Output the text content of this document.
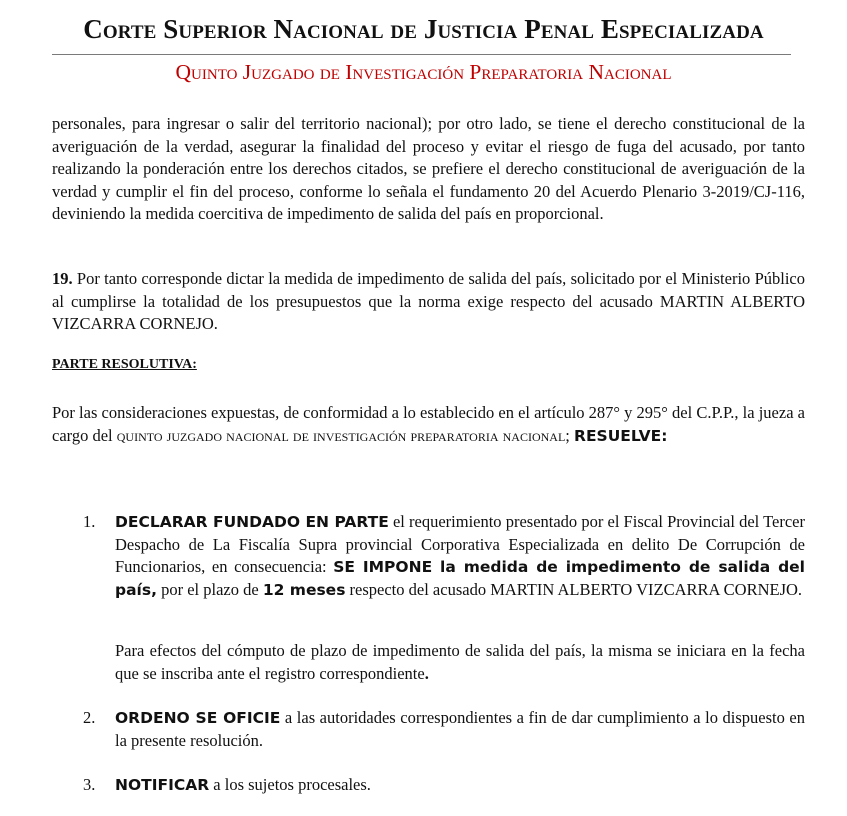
Corte Superior Nacional de Justicia Penal Especializada
Quinto Juzgado de Investigación Preparatoria Nacional
personales, para ingresar o salir del territorio nacional); por otro lado, se tiene el derecho constitucional de la averiguación de la verdad, asegurar la finalidad del proceso y evitar el riesgo de fuga del acusado, por tanto realizando la ponderación entre los derechos citados, se prefiere el derecho constitucional de averiguación de la verdad y cumplir el fin del proceso, conforme lo señala el fundamento 20 del Acuerdo Plenario 3-2019/CJ-116, deviniendo la medida coercitiva de impedimento de salida del país en proporcional.
19. Por tanto corresponde dictar la medida de impedimento de salida del país, solicitado por el Ministerio Público al cumplirse la totalidad de los presupuestos que la norma exige respecto del acusado MARTIN ALBERTO VIZCARRA CORNEJO.
PARTE RESOLUTIVA:
Por las consideraciones expuestas, de conformidad a lo establecido en el artículo 287° y 295° del C.P.P., la jueza a cargo del quinto juzgado nacional de investigación preparatoria nacional; RESUELVE:
1. DECLARAR FUNDADO EN PARTE el requerimiento presentado por el Fiscal Provincial del Tercer Despacho de La Fiscalía Supra provincial Corporativa Especializada en delito De Corrupción de Funcionarios, en consecuencia: SE IMPONE la medida de impedimento de salida del país, por el plazo de 12 meses respecto del acusado MARTIN ALBERTO VIZCARRA CORNEJO.
Para efectos del cómputo de plazo de impedimento de salida del país, la misma se iniciara en la fecha que se inscriba ante el registro correspondiente.
2. ORDENO SE OFICIE a las autoridades correspondientes a fin de dar cumplimiento a lo dispuesto en la presente resolución.
3. NOTIFICAR a los sujetos procesales.
